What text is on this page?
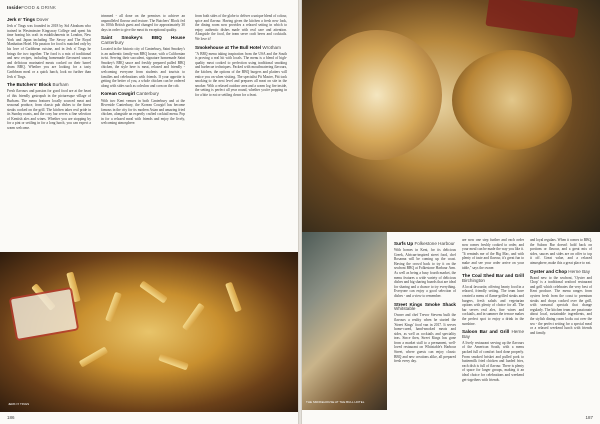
InsideFOOD & DRINK
Jerk n' Tings Dover

Jerk n' Tings was founded in 2018 by Sid Abraham who trained in Westminster Kingsway College and spent his time honing his craft in establishments in London, New York and Japan including The Savoy and The Royal Manhattan Hotel. His passion for food is matched only by his love of Caribbean cuisine, and in Jerk n' Tings he brings the two together. The food is a mix of traditional and new recipes, including homemade flavoured sauces and delicious marinated meats cooked on their barrel drum BBQ. Whether you are looking for a tasty Caribbean meal or a quick lunch, look no further than Jerk n' Tings.

The Butchers' Block Burham

Fresh flavours and passion for good food are at the heart of this friendly gastropub in the picturesque village of Burham. The menu features locally sourced meat and seasonal produce, from classic pub dishes to the finest steaks cooked on the grill. The kitchen takes real pride in its Sunday roasts, and the cosy bar serves a fine selection of Kentish ales and wines. Whether you are stopping by for a pint or settling in for a long lunch, you can expect a warm welcome.

trimmed - all done on the premises to achieve an unparalleled flavour and texture. The Butchers' Block fed its 100th British guest and changed for approximately 30 days in order to give the meat its exceptional quality.

Saint Smokey's BBQ House Canterbury

Located in the historic city of Canterbury, Saint Smokey's is an authentic family-run BBQ house, with a Californian twist. Serving their succulent, signature homemade Saint Smokey's BBQ sauce and freshly prepared pulled BBQ chicken, the style here is meat, relaxed and friendly - welcoming everyone from students and tourists to families and celebrations with friends. If your appetite is getting the better of you, a whole chicken can be ordered along with sides such as coleslaw and corn on the cob.

Korean Cowgirl Canterbury

With two Kent venues in both Canterbury and at the Riverside Canterbury, the Korean Cowgirl has become famous in the city for its modern Asian and amazing fried chicken, alongside an expertly crafted cocktail menu. Pop in for a relaxed meal with friends and enjoy the lively, welcoming atmosphere.

from both sides of the globe to deliver a unique blend of colour, spice and flavour. Having given the kitchen a fresh new look, the dining room now provides a relaxed setting in which to enjoy authentic dishes made with real care and attention. Alongside the food, the team serve craft beers and cocktails. We love it!

Smokehouse at The Bull Hotel Wrotham

"A BBQ menu taking inspiration from the USA and the South is proving a real hit with locals. The menu is a blend of high-quality meat cooked to perfection using traditional smoking and barbecue techniques. Packed with mouthwatering flavours, the kitchen, the options of the BBQ burgers and platters will entice you on when visiting. The specialist Pit Master, Pitt took smoking to the next level and prepares all meat on site in the smoker. With a relaxed outdoor area and a warm log fire inside, the setting is perfect all year round, whether you're popping in for a bite to eat or settling down for a feast.

JERK N' TINGS
186
THE SMOKEHOUSE AT THE BULL HOTEL
Surfs Up Folkestone Harbour

With homes in Kent, for its delicious Greek, African-inspired street food, chef Rosanna will be coming up the coast. Having the crowd back to try it on the seafront BBQ at Folkestone Harbour Arm. As well as being a busy fourth market, the menu features a wide variety of delicious dishes and big sharing boards that are ideal for sharing and a chance to try everything. Everyone can enjoy a good selection of dishes - and a view to remember.

Street Kings Smoke Shack Whitstable

Owner and chef Trevor Stevens built the flavours a reality when he started the 'Street Kings' food van in 2017. It serves home-cured, hand-smoked meats and sides, as well as cocktails and speciality teas. Since then, Street Kings has gone from a market stall to a permanent, well-loved restaurant on Whitstable's Harbour Street, where guests can enjoy classic BBQ and new creations alike, all prepared fresh every day.

are now one step further and each order now comes freshly cooked to order, and your meal can be made the way you like it. "It reminds me of the Big Mac, and with plenty of taste and flavour, it's great fun to make and see your order arrive on your table," says the owner.

The Coal Shed Bar and Grill Birchington

A local favourite, offering hearty food in a relaxed, friendly setting. The team have created a menu of flame-grilled steaks and burgers, fresh salads and vegetarian options with plenty of choice for all. The bar serves real ales, fine wines and cocktails, and in summer the terrace makes the perfect spot to enjoy a drink in the sunshine.

Saloon Bar and Grill Herne Bay

A lively restaurant serving up the flavours of the American South, with a menu packed full of comfort food done properly. From smoked brisket and pulled pork to buttermilk fried chicken and loaded fries, each dish is full of flavour. There is plenty of space for larger groups, making it an ideal choice for celebrations and weekend get-togethers with friends.

and loyal regulars. When it comes to BBQ, the Saloon Bar doesn't hold back on portions or flavour, and a great mix of sides, sauces and sides are on offer to top it off. Great value, and a relaxed atmosphere, make this a great place to eat.

Oyster and Chop Herne Bay

Brand new to the seafront, 'Oyster and Chop' is a traditional seafood restaurant and grill which celebrates the very best of Kent produce. The menu ranges from oysters fresh from the coast to premium steaks and chops cooked over the grill, with seasonal specials that change regularly. The kitchen team are passionate about local, sustainable ingredients, and the stylish dining room looks out over the sea - the perfect setting for a special meal or a relaxed weekend lunch with friends and family.

187
